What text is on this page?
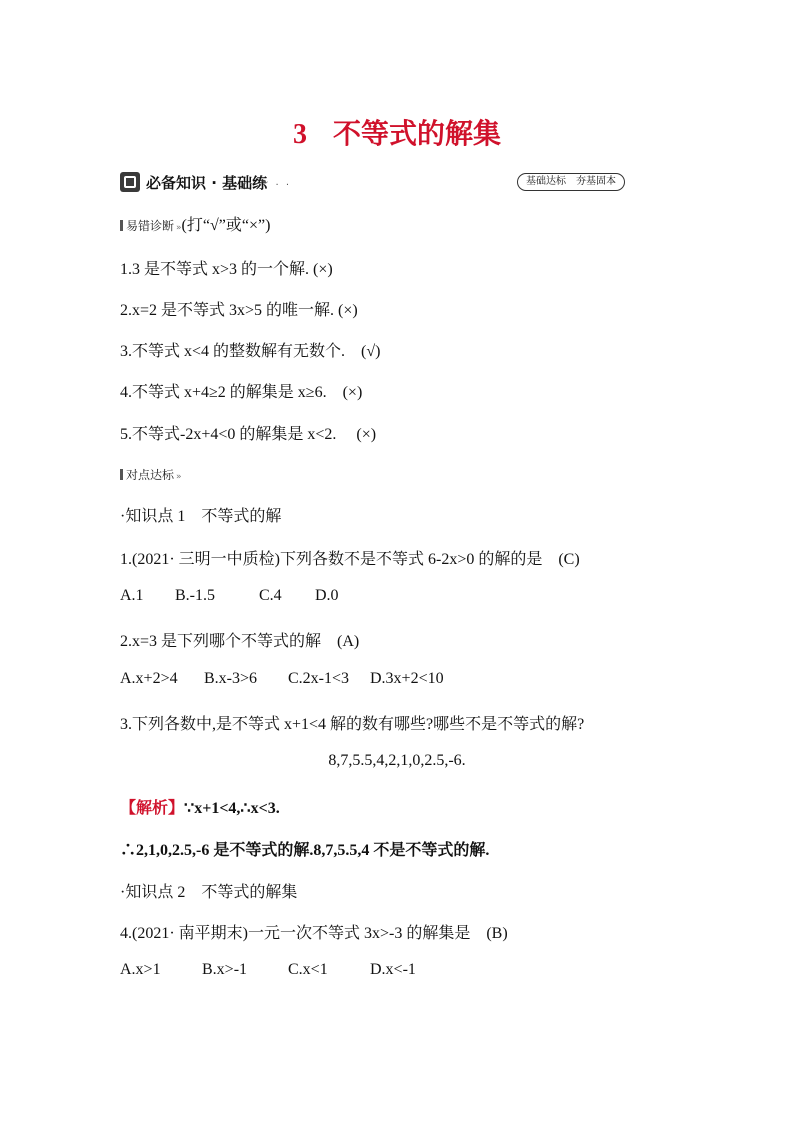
3 不等式的解集
必备知识 · 基础练
❧ . .	基础达标　夯基固本
易错诊断 »(打“√”或“×”)
1.3 是不等式 x>3 的一个解. (×)
2.x=2 是不等式 3x>5 的唯一解. (×)
3.不等式 x<4 的整数解有无数个.　(√)
4.不等式 x+4≥2 的解集是 x≥6.　(×)
5.不等式-2x+4<0 的解集是 x<2.　 (×)
对点达标 »
·知识点 1　不等式的解
1.(2021· 三明一中质检)下列各数不是不等式 6-2x>0 的解的是　(C)
A.1 B.-1.5	C.4 D.0
2.x=3 是下列哪个不等式的解　(A)
A.x+2>4 B.x-3>6 C.2x-1<3 D.3x+2<10
3.下列各数中,是不等式 x+1<4 解的数有哪些?哪些不是不等式的解?
8,7,5.5,4,2,1,0,2.5,-6.
【解析】∵x+1<4,∴x<3.
∴2,1,0,2.5,-6 是不等式的解.8,7,5.5,4 不是不等式的解.
·知识点 2　不等式的解集
4.(2021· 南平期末)一元一次不等式 3x>-3 的解集是　(B)
A.x>1	B.x>-1	C.x<1	D.x<-1
